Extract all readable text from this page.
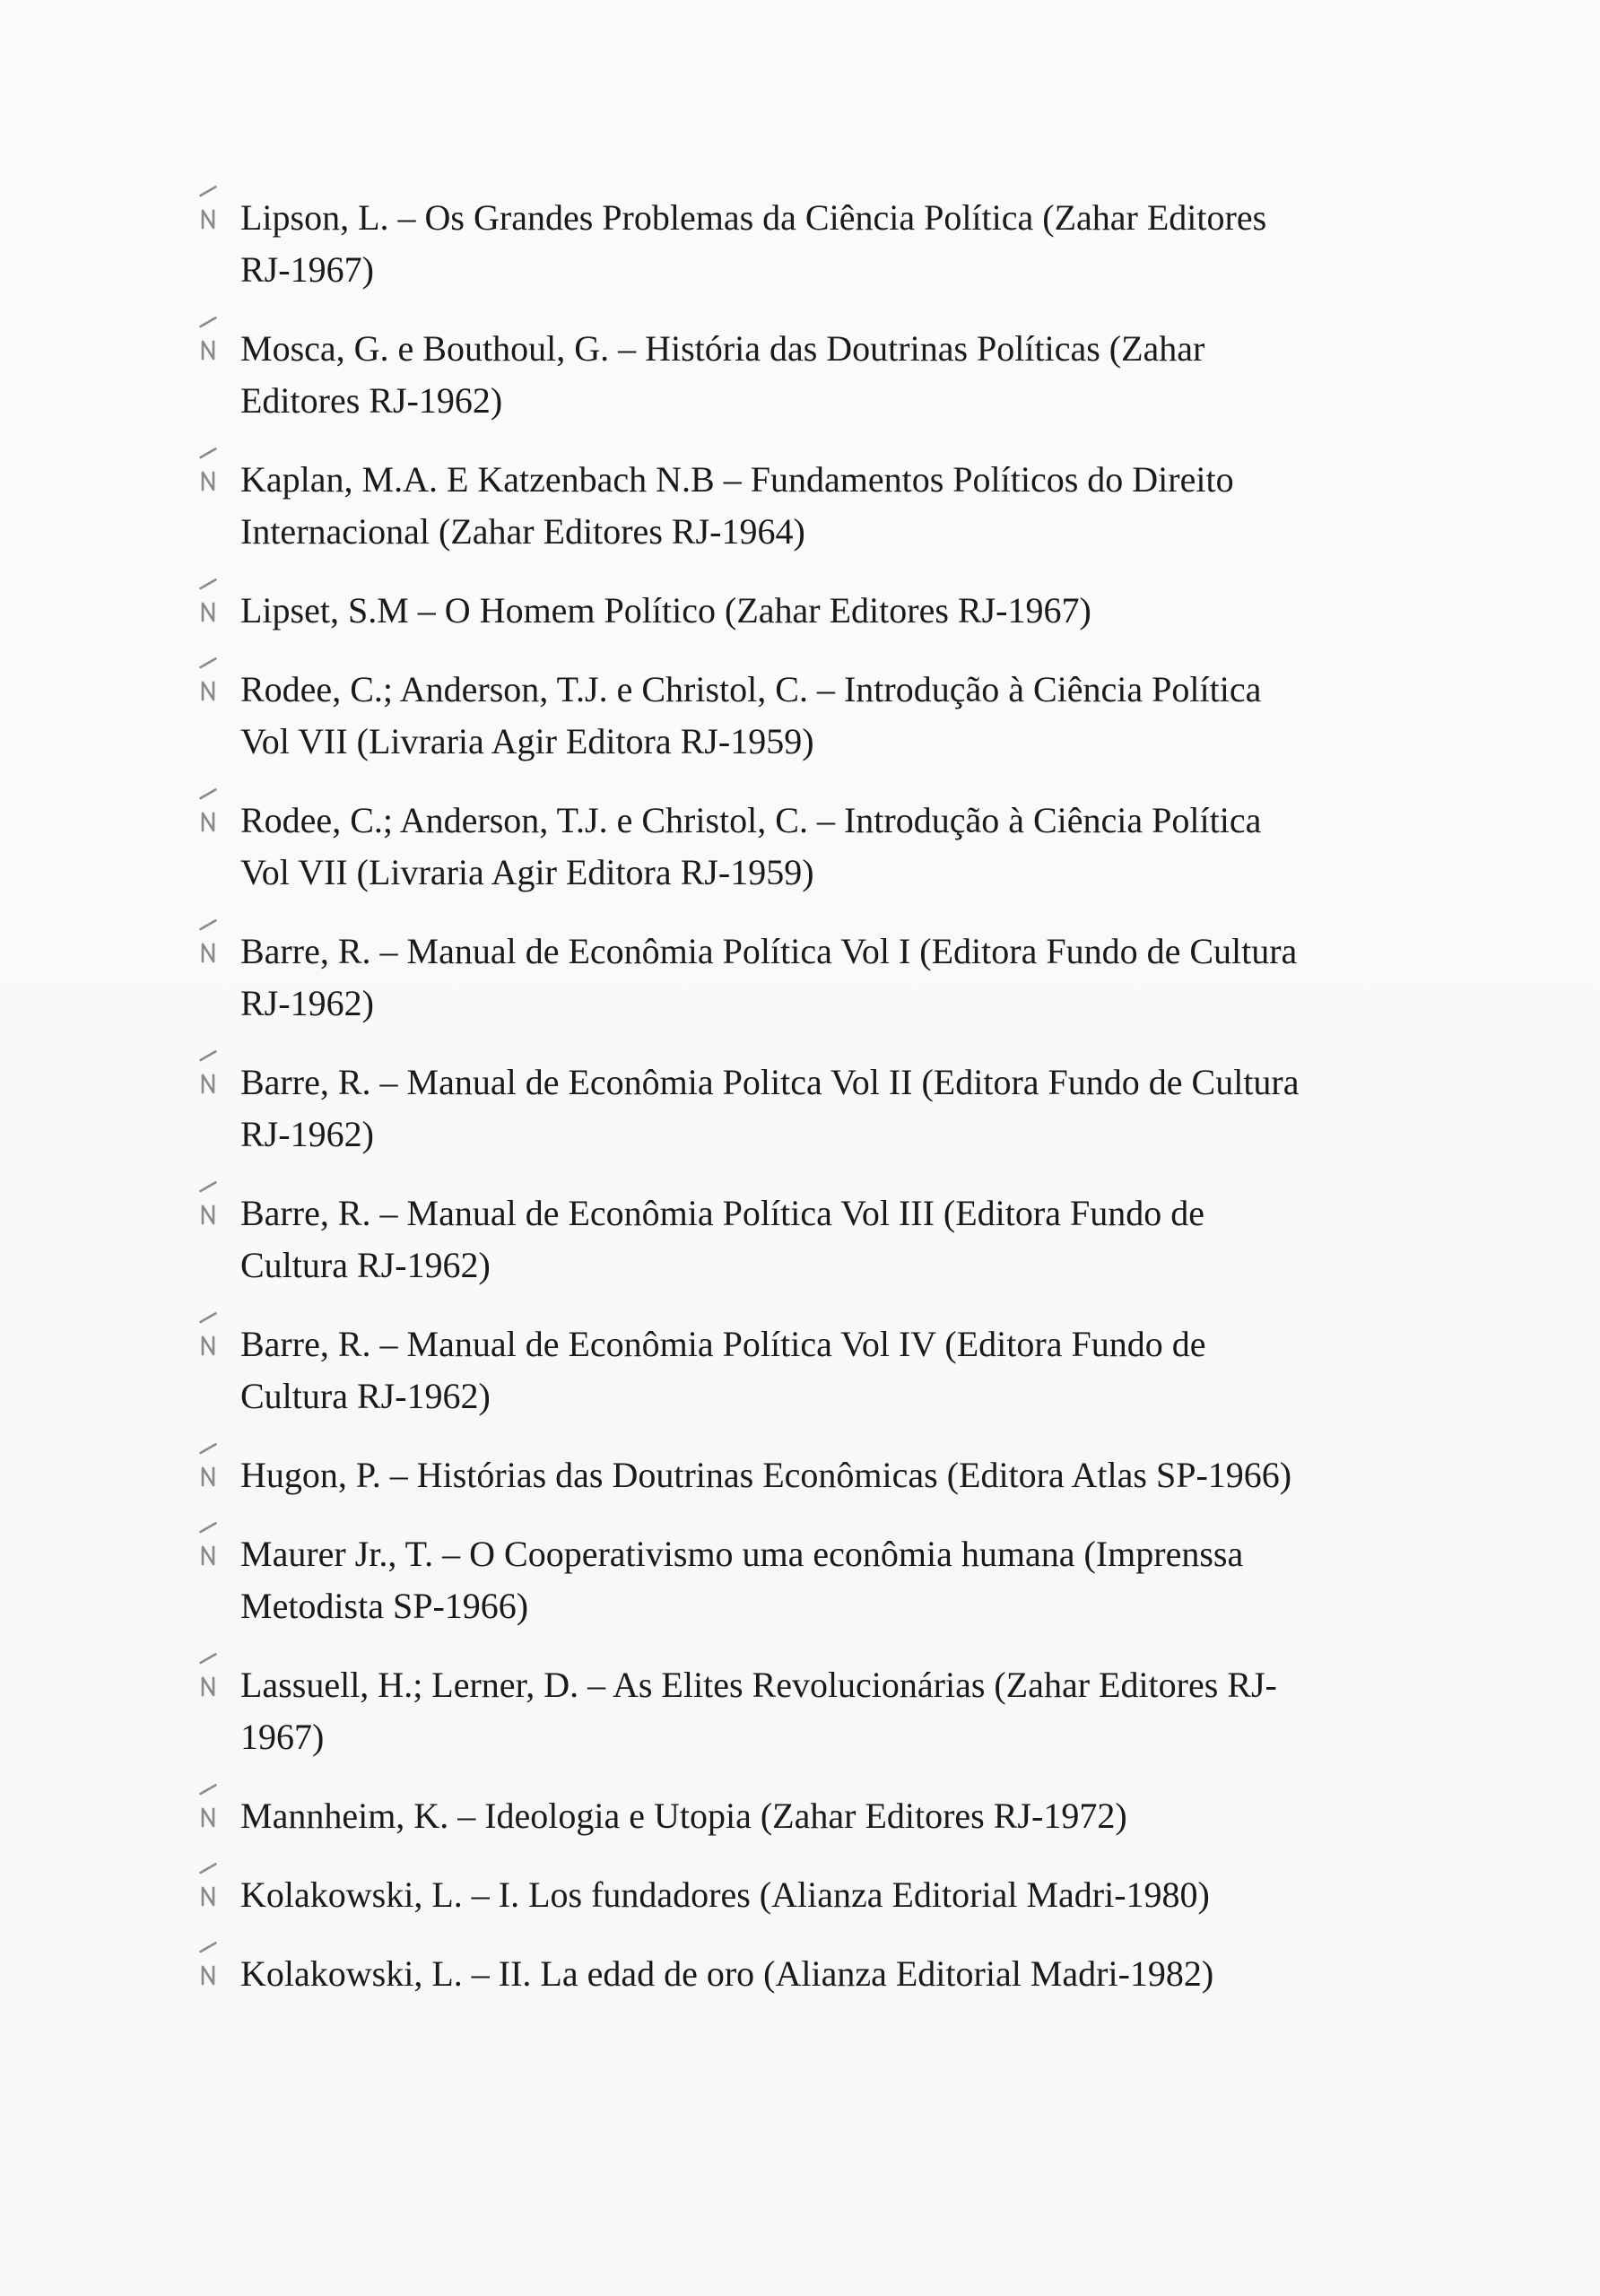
Lipson, L. – Os Grandes Problemas da Ciência Política (Zahar Editores
RJ-1967)
Mosca, G. e Bouthoul, G. – História das Doutrinas Políticas (Zahar
Editores RJ-1962)
Kaplan, M.A. E Katzenbach N.B – Fundamentos Políticos do Direito
Internacional (Zahar Editores RJ-1964)
Lipset, S.M – O Homem Político (Zahar Editores RJ-1967)
Rodee, C.; Anderson, T.J. e Christol, C. – Introdução à Ciência Política
Vol VII (Livraria Agir Editora RJ-1959)
Rodee, C.; Anderson, T.J. e Christol, C. – Introdução à Ciência Política
Vol VII (Livraria Agir Editora RJ-1959)
Barre, R. – Manual de Econômia Política Vol I (Editora Fundo de Cultura
RJ-1962)
Barre, R. – Manual de Econômia Politca Vol II (Editora Fundo de Cultura
RJ-1962)
Barre, R. – Manual de Econômia Política Vol III (Editora Fundo de
Cultura RJ-1962)
Barre, R. – Manual de Econômia Política Vol IV (Editora Fundo de
Cultura RJ-1962)
Hugon, P. – Histórias das Doutrinas Econômicas (Editora Atlas SP-1966)
Maurer Jr., T. – O Cooperativismo uma econômia humana (Imprenssa
Metodista SP-1966)
Lassuell, H.; Lerner, D. – As Elites Revolucionárias (Zahar Editores RJ-
1967)
Mannheim, K. – Ideologia e Utopia (Zahar Editores RJ-1972)
Kolakowski, L. – I. Los fundadores (Alianza Editorial Madri-1980)
Kolakowski, L. – II. La edad de oro (Alianza Editorial Madri-1982)
